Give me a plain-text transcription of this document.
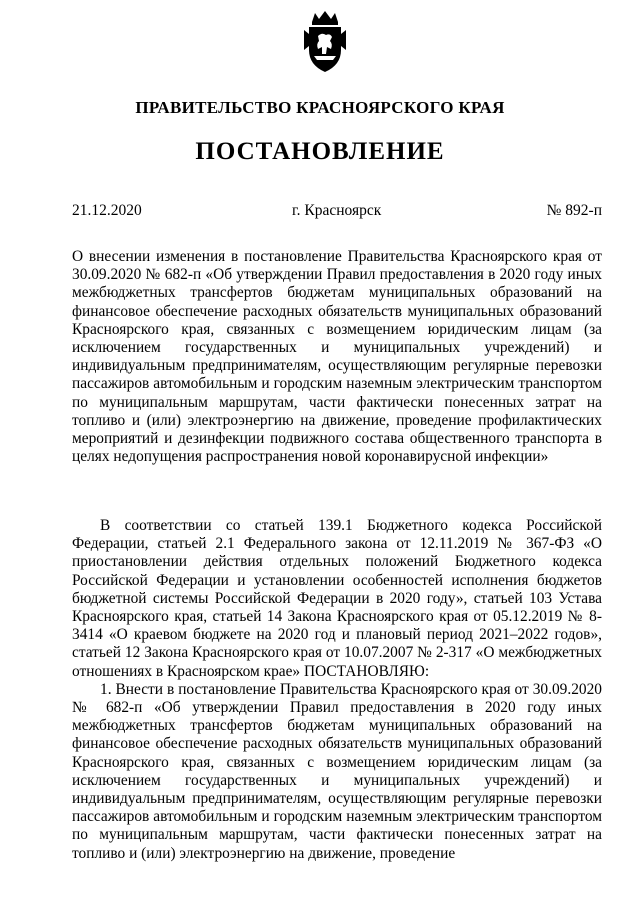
ПРАВИТЕЛЬСТВО КРАСНОЯРСКОГО КРАЯ
ПОСТАНОВЛЕНИЕ
21.12.2020	г. Красноярск	№ 892-п

О внесении изменения в постановление Правительства Красноярского края от 30.09.2020 № 682-п «Об утверждении Правил предоставления в 2020 году иных межбюджетных трансфертов бюджетам муниципальных образований на финансовое обеспечение расходных обязательств муниципальных образований Красноярского края, связанных с возмещением юридическим лицам (за исключением государственных и муниципальных учреждений) и индивидуальным предпринимателям, осуществляющим регулярные перевозки пассажиров автомобильным и городским наземным электрическим транспортом по муниципальным маршрутам, части фактически понесенных затрат на топливо и (или) электроэнергию на движение, проведение профилактических мероприятий и дезинфекции подвижного состава общественного транспорта в целях недопущения распространения новой коронавирусной инфекции»

В соответствии со статьей 139.1 Бюджетного кодекса Российской Федерации, статьей 2.1 Федерального закона от 12.11.2019 № 367-ФЗ «О приостановлении действия отдельных положений Бюджетного кодекса Российской Федерации и установлении особенностей исполнения бюджетов бюджетной системы Российской Федерации в 2020 году», статьей 103 Устава Красноярского края, статьей 14 Закона Красноярского края от 05.12.2019 № 8-3414 «О краевом бюджете на 2020 год и плановый период 2021–2022 годов», статьей 12 Закона Красноярского края от 10.07.2007 № 2-317 «О межбюджетных отношениях в Красноярском крае» ПОСТАНОВЛЯЮ:

1. Внести в постановление Правительства Красноярского края от 30.09.2020 № 682-п «Об утверждении Правил предоставления в 2020 году иных межбюджетных трансфертов бюджетам муниципальных образований на финансовое обеспечение расходных обязательств муниципальных образований Красноярского края, связанных с возмещением юридическим лицам (за исключением государственных и муниципальных учреждений) и индивидуальным предпринимателям, осуществляющим регулярные перевозки пассажиров автомобильным и городским наземным электрическим транспортом по муниципальным маршрутам, части фактически понесенных затрат на топливо и (или) электроэнергию на движение, проведение
